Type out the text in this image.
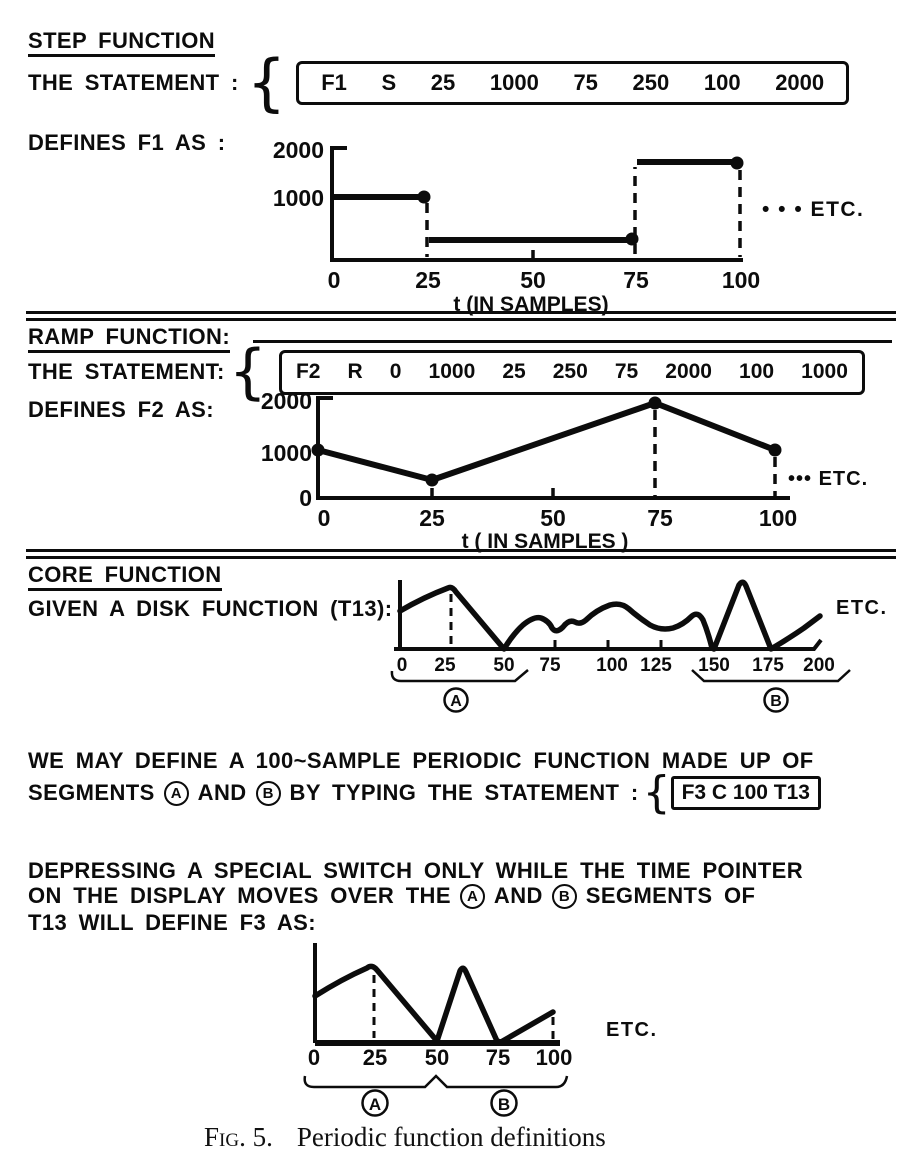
STEP FUNCTION
THE STATEMENT : { F1 S 25 1000 75 250 100 2000
DEFINES F1 AS : 2000
1000
0	25	50	75	100
t (IN SAMPLES)
• • • ETC.
RAMP FUNCTION:
THE STATEMENT: { F2 R 0 1000 25 250 75 2000 100 1000
DEFINES F2 AS: 2000
1000
0
0	25	50	75	100
t ( IN SAMPLES )
••• ETC.
CORE FUNCTION
GIVEN A DISK FUNCTION (T13):
0 25 50 75 100 125 150 175 200
A	B
ETC.
WE MAY DEFINE A 100~SAMPLE PERIODIC FUNCTION MADE UP OF
SEGMENTS	A AND	B BY TYPING THE STATEMENT : { F3 C 100 T13
DEPRESSING A SPECIAL SWITCH ONLY WHILE THE TIME POINTER
ON THE DISPLAY MOVES OVER THE	A AND	B SEGMENTS OF
T13 WILL DEFINE F3 AS:
0 25 50 75 100
A	B
ETC.
Fig. 5. Periodic function definitions
